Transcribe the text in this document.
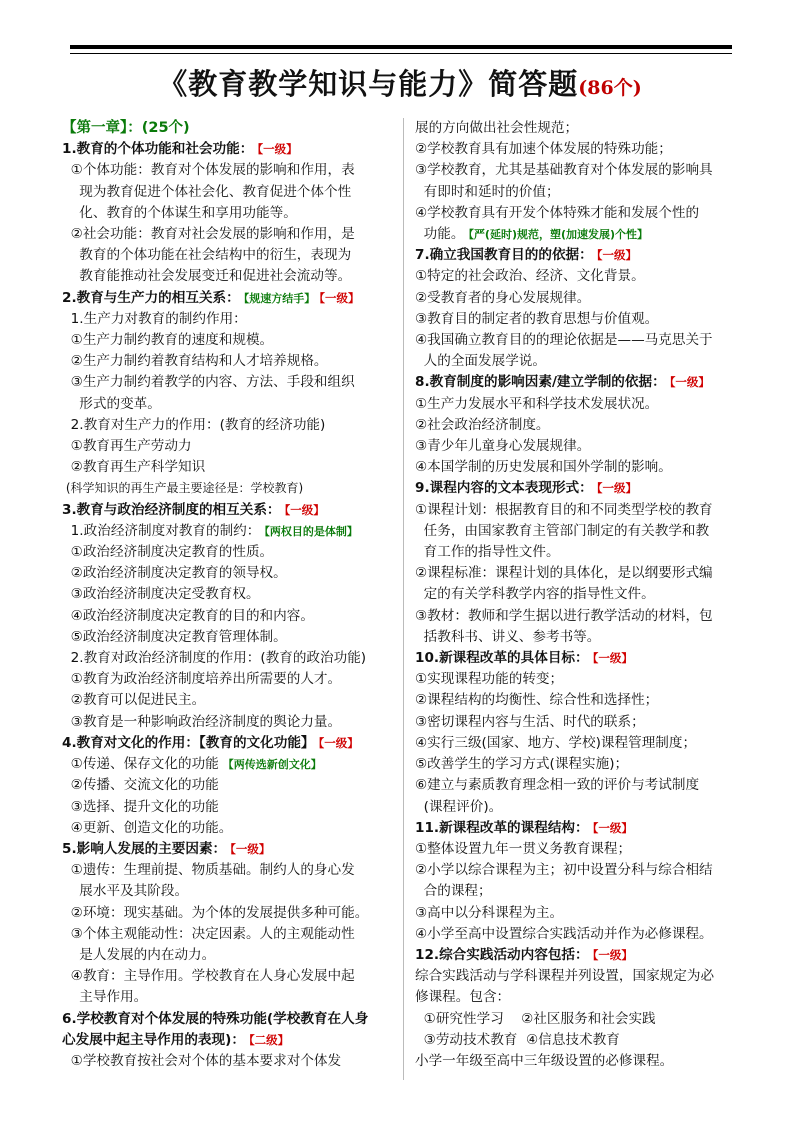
《教育教学知识与能力》简答题(86个)
【第一章】：(25个)
1.教育的个体功能和社会功能： 【一级】
①个体功能：教育对个体发展的影响和作用，表
现为教育促进个体社会化、教育促进个体个性
化、教育的个体谋生和享用功能等。
②社会功能：教育对社会发展的影响和作用，是
教育的个体功能在社会结构中的衍生，表现为
教育能推动社会发展变迁和促进社会流动等。
2.教育与生产力的相互关系： 【规速方结手】 【一级】
1.生产力对教育的制约作用：
①生产力制约教育的速度和规模。
②生产力制约着教育结构和人才培养规格。
③生产力制约着教学的内容、方法、手段和组织
形式的变革。
2.教育对生产力的作用：(教育的经济功能)
①教育再生产劳动力
②教育再生产科学知识
(科学知识的再生产最主要途径是：学校教育)
3.教育与政治经济制度的相互关系： 【一级】
1.政治经济制度对教育的制约： 【两权目的是体制】
①政治经济制度决定教育的性质。
②政治经济制度决定教育的领导权。
③政治经济制度决定受教育权。
④政治经济制度决定教育的目的和内容。
⑤政治经济制度决定教育管理体制。
2.教育对政治经济制度的作用：(教育的政治功能)
①教育为政治经济制度培养出所需要的人才。
②教育可以促进民主。
③教育是一种影响政治经济制度的舆论力量。
4.教育对文化的作用：【教育的文化功能】 【一级】
①传递、保存文化的功能 【两传选新创文化】
②传播、交流文化的功能
③选择、提升文化的功能
④更新、创造文化的功能。
5.影响人发展的主要因素： 【一级】
①遗传：生理前提、物质基础。制约人的身心发
展水平及其阶段。
②环境：现实基础。为个体的发展提供多种可能。
③个体主观能动性：决定因素。人的主观能动性
是人发展的内在动力。
④教育：主导作用。学校教育在人身心发展中起
主导作用。
6.学校教育对个体发展的特殊功能(学校教育在人身
心发展中起主导作用的表现)： 【二级】
①学校教育按社会对个体的基本要求对个体发
展的方向做出社会性规范；
②学校教育具有加速个体发展的特殊功能；
③学校教育，尤其是基础教育对个体发展的影响具
有即时和延时的价值；
④学校教育具有开发个体特殊才能和发展个性的
功能。 【严(延时)规范，塑(加速发展)个性】
7.确立我国教育目的的依据： 【一级】
①特定的社会政治、经济、文化背景。
②受教育者的身心发展规律。
③教育目的制定者的教育思想与价值观。
④我国确立教育目的的理论依据是——马克思关于
人的全面发展学说。
8.教育制度的影响因素/建立学制的依据： 【一级】
①生产力发展水平和科学技术发展状况。
②社会政治经济制度。
③青少年儿童身心发展规律。
④本国学制的历史发展和国外学制的影响。
9.课程内容的文本表现形式： 【一级】
①课程计划：根据教育目的和不同类型学校的教育
任务，由国家教育主管部门制定的有关教学和教
育工作的指导性文件。
②课程标准：课程计划的具体化，是以纲要形式编
定的有关学科教学内容的指导性文件。
③教材：教师和学生据以进行教学活动的材料，包
括教科书、讲义、参考书等。
10.新课程改革的具体目标： 【一级】
①实现课程功能的转变；
②课程结构的均衡性、综合性和选择性；
③密切课程内容与生活、时代的联系；
④实行三级(国家、地方、学校)课程管理制度；
⑤改善学生的学习方式(课程实施)；
⑥建立与素质教育理念相一致的评价与考试制度
(课程评价)。
11.新课程改革的课程结构： 【一级】
①整体设置九年一贯义务教育课程；
②小学以综合课程为主；初中设置分科与综合相结
合的课程；
③高中以分科课程为主。
④小学至高中设置综合实践活动并作为必修课程。
12.综合实践活动内容包括： 【一级】
综合实践活动与学科课程并列设置，国家规定为必
修课程。包含：
①研究性学习    ②社区服务和社会实践
③劳动技术教育  ④信息技术教育
小学一年级至高中三年级设置的必修课程。
